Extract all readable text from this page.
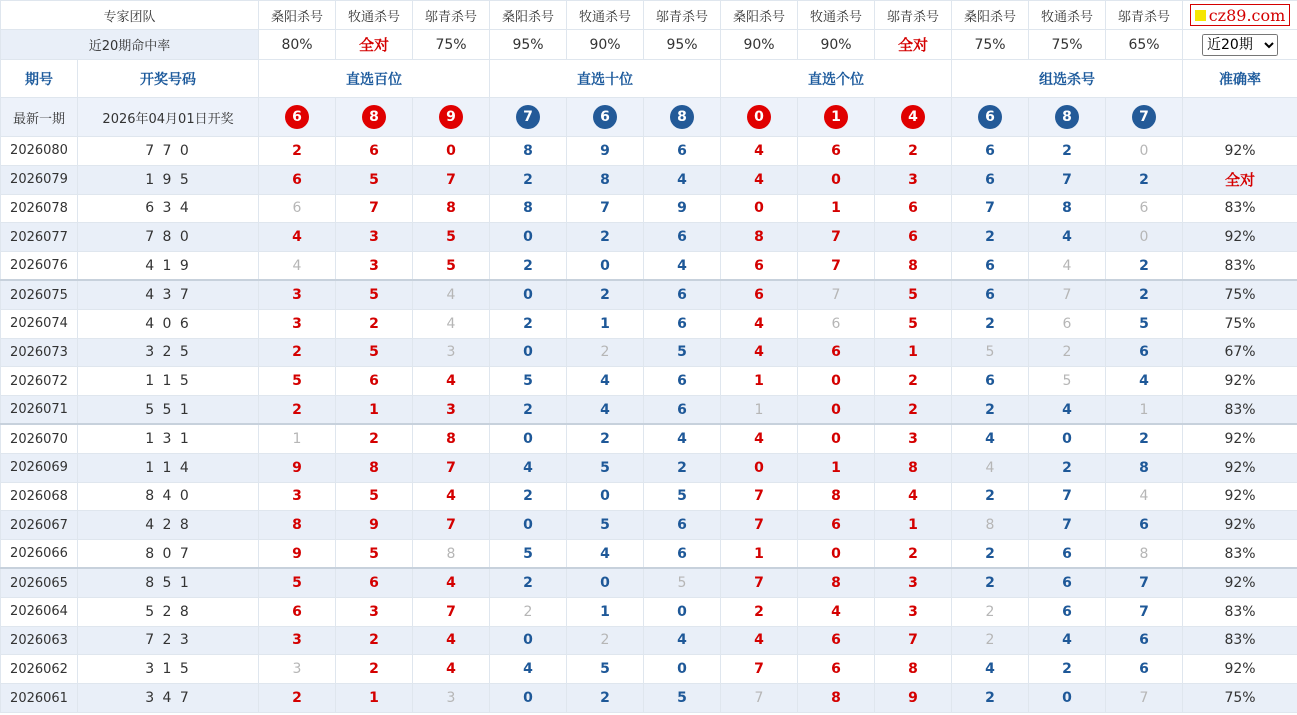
专家团队		桑阳杀号	牧通杀号	邬青杀号	桑阳杀号	牧通杀号	邬青杀号	桑阳杀号	牧通杀号	邬青杀号	桑阳杀号	牧通杀号	邬青杀号	cz89.com

近20期命中率		80%	全对	75%	95%	90%	95%	90%	90%	全对	75%	75%	65%	
近20期
期号	开奖号码	直选百位			直选十位			直选个位			组选杀号			准确率
最新一期	2026年04月01日开奖	6	8	9	7	6	8	0	1	4	6	8	7	
2026080	7 7 0	2	6	0	8	9	6	4	6	2	6	2	0	92%
2026079	1 9 5	6	5	7	2	8	4	4	0	3	6	7	2	全对
2026078	6 3 4	6	7	8	8	7	9	0	1	6	7	8	6	83%
2026077	7 8 0	4	3	5	0	2	6	8	7	6	2	4	0	92%
2026076	4 1 9	4	3	5	2	0	4	6	7	8	6	4	2	83%
2026075	4 3 7	3	5	4	0	2	6	6	7	5	6	7	2	75%
2026074	4 0 6	3	2	4	2	1	6	4	6	5	2	6	5	75%
2026073	3 2 5	2	5	3	0	2	5	4	6	1	5	2	6	67%
2026072	1 1 5	5	6	4	5	4	6	1	0	2	6	5	4	92%
2026071	5 5 1	2	1	3	2	4	6	1	0	2	2	4	1	83%
2026070	1 3 1	1	2	8	0	2	4	4	0	3	4	0	2	92%
2026069	1 1 4	9	8	7	4	5	2	0	1	8	4	2	8	92%
2026068	8 4 0	3	5	4	2	0	5	7	8	4	2	7	4	92%
2026067	4 2 8	8	9	7	0	5	6	7	6	1	8	7	6	92%
2026066	8 0 7	9	5	8	5	4	6	1	0	2	2	6	8	83%
2026065	8 5 1	5	6	4	2	0	5	7	8	3	2	6	7	92%
2026064	5 2 8	6	3	7	2	1	0	2	4	3	2	6	7	83%
2026063	7 2 3	3	2	4	0	2	4	4	6	7	2	4	6	83%
2026062	3 1 5	3	2	4	4	5	0	7	6	8	4	2	6	92%
2026061	3 4 7	2	1	3	0	2	5	7	8	9	2	0	7	75%
